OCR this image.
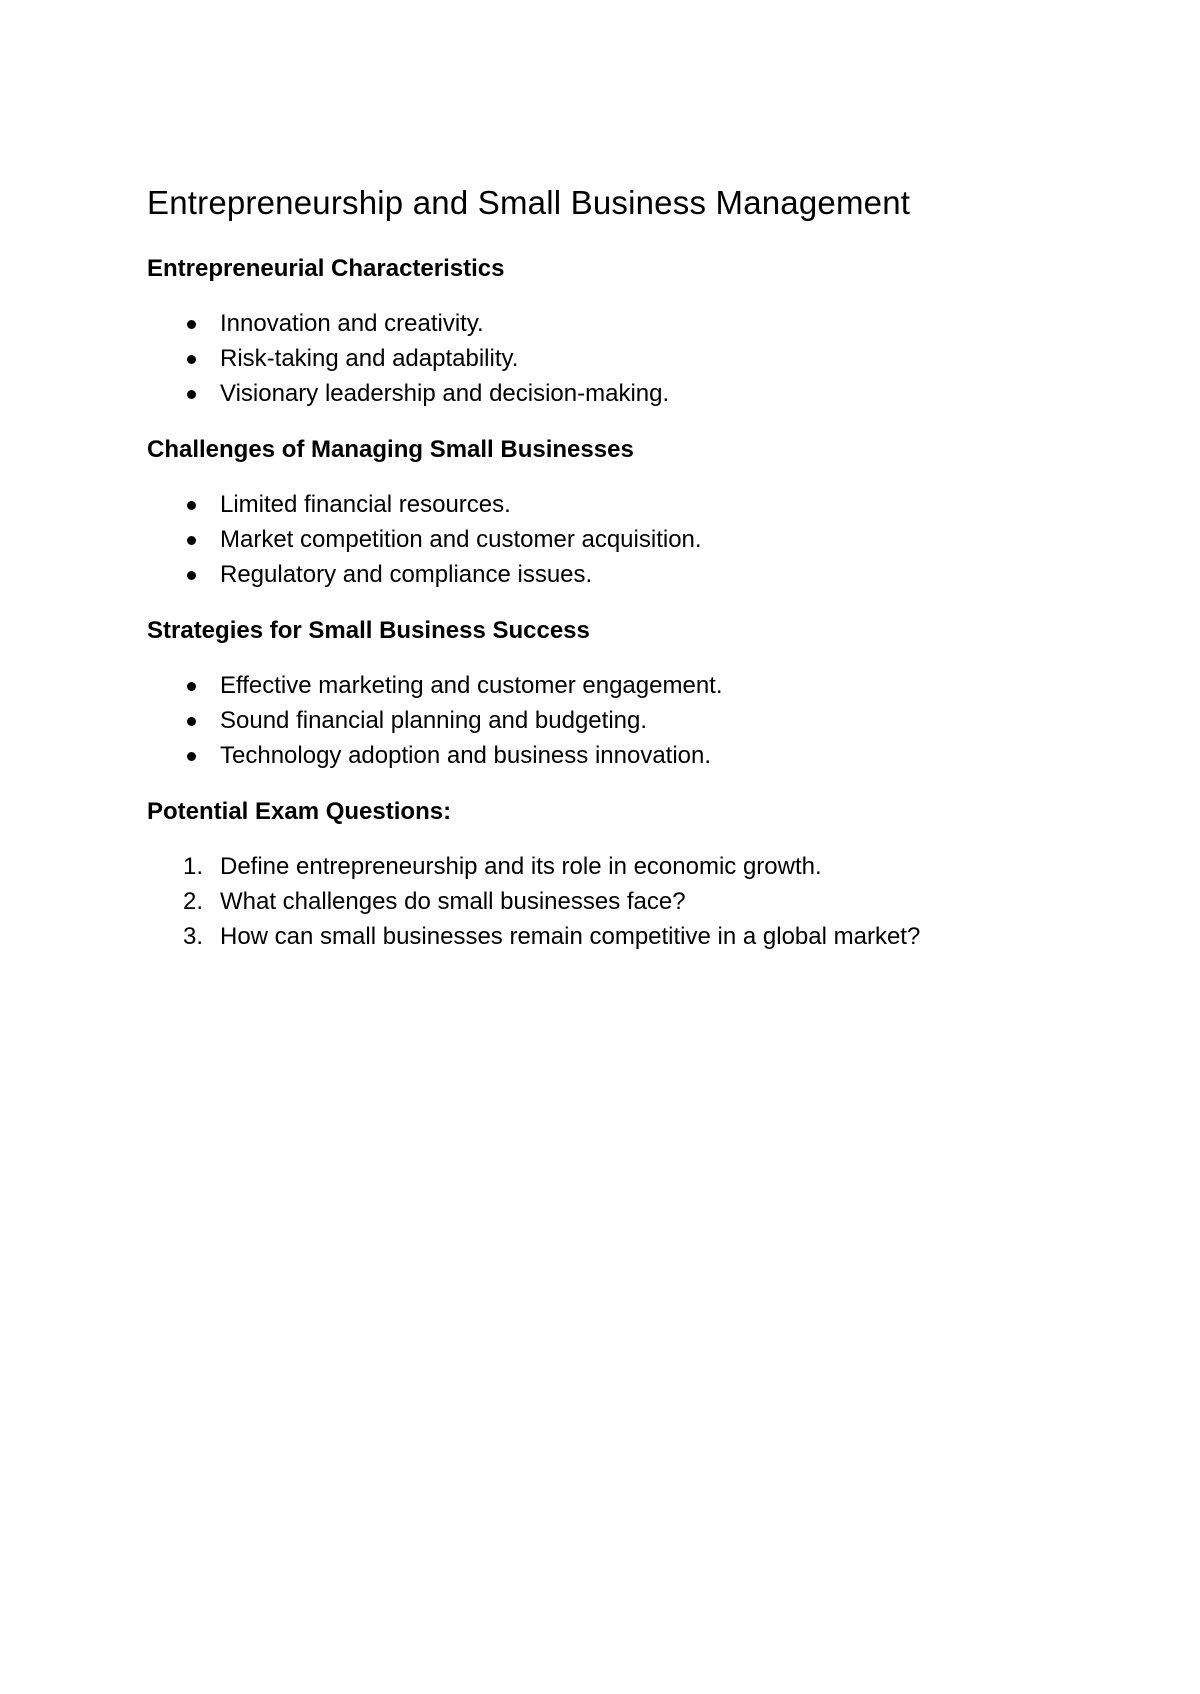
Entrepreneurship and Small Business Management
Entrepreneurial Characteristics
Innovation and creativity.
Risk-taking and adaptability.
Visionary leadership and decision-making.
Challenges of Managing Small Businesses
Limited financial resources.
Market competition and customer acquisition.
Regulatory and compliance issues.
Strategies for Small Business Success
Effective marketing and customer engagement.
Sound financial planning and budgeting.
Technology adoption and business innovation.
Potential Exam Questions:
1. Define entrepreneurship and its role in economic growth.
2. What challenges do small businesses face?
3. How can small businesses remain competitive in a global market?
